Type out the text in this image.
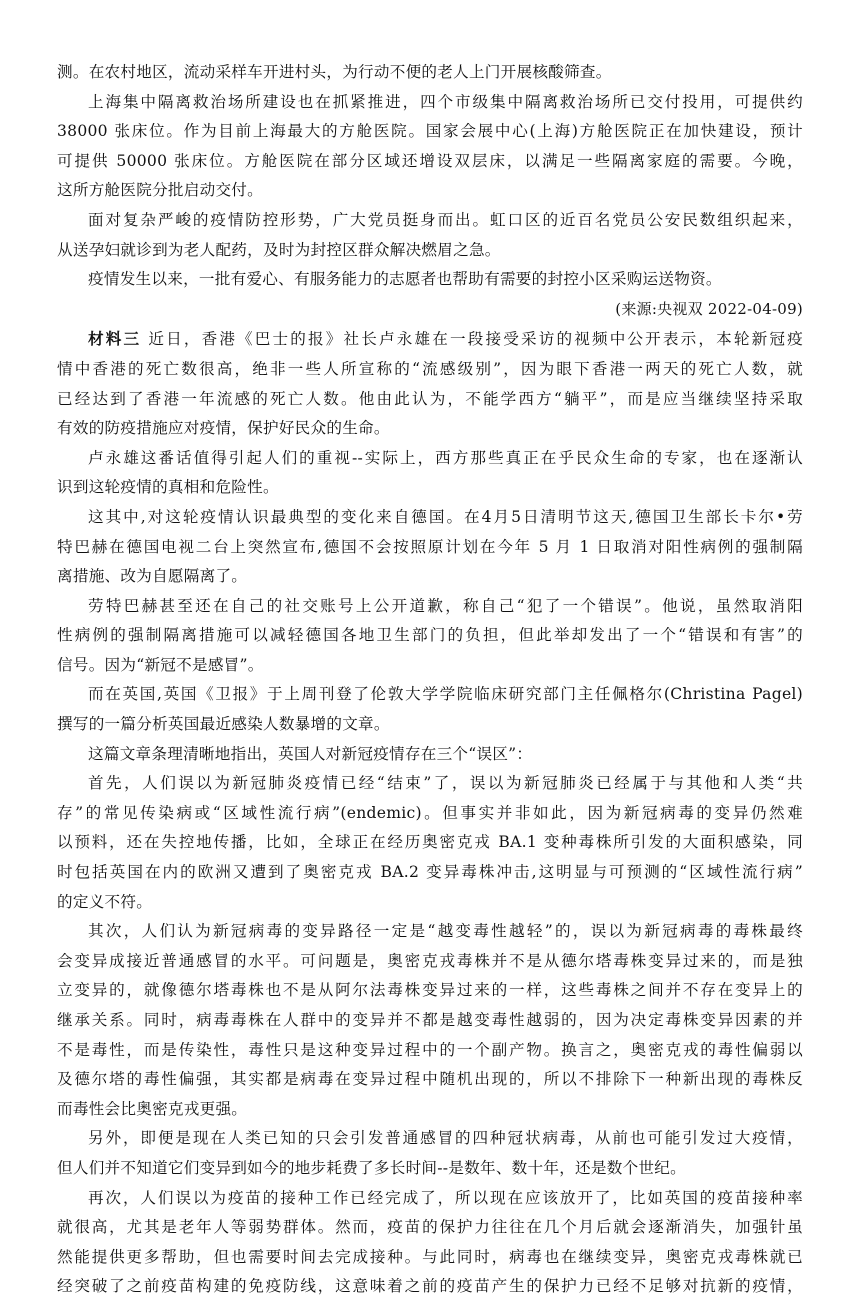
测。在农村地区，流动采样车开进村头，为行动不便的老人上门开展核酸筛查。

上海集中隔离救治场所建设也在抓紧推进，四个市级集中隔离救治场所已交付投用，可提供约

38000 张床位。作为目前上海最大的方舱医院。国家会展中心(上海)方舱医院正在加快建设，预计

可提供 50000 张床位。方舱医院在部分区域还增设双层床，以满足一些隔离家庭的需要。今晚，

这所方舱医院分批启动交付。

面对复杂严峻的疫情防控形势，广大党员挺身而出。虹口区的近百名党员公安民数组织起来，

从送孕妇就诊到为老人配药，及时为封控区群众解决燃眉之急。

疫情发生以来，一批有爱心、有服务能力的志愿者也帮助有需要的封控小区采购运送物资。

(来源:央视双 2022-04-09)

材料三 近日，香港《巴士的报》社长卢永雄在一段接受采访的视频中公开表示，本轮新冠疫

情中香港的死亡数很高，绝非一些人所宣称的“流感级别”，因为眼下香港一两天的死亡人数，就

已经达到了香港一年流感的死亡人数。他由此认为，不能学西方“躺平”，而是应当继续坚持采取

有效的防疫措施应对疫情，保护好民众的生命。

卢永雄这番话值得引起人们的重视--实际上，西方那些真正在乎民众生命的专家，也在逐渐认

识到这轮疫情的真相和危险性。

这其中,对这轮疫情认识最典型的变化来自德国。在4月5日清明节这天,德国卫生部长卡尔•劳

特巴赫在德国电视二台上突然宣布,德国不会按照原计划在今年 5 月 1 日取消对阳性病例的强制隔

离措施、改为自愿隔离了。

劳特巴赫甚至还在自己的社交账号上公开道歉，称自己“犯了一个错误”。他说，虽然取消阳

性病例的强制隔离措施可以减轻德国各地卫生部门的负担，但此举却发出了一个“错误和有害”的

信号。因为“新冠不是感冒”。

而在英国,英国《卫报》于上周刊登了伦敦大学学院临床研究部门主任佩格尔(Christina Pagel)

撰写的一篇分析英国最近感染人数暴增的文章。

这篇文章条理清晰地指出，英国人对新冠疫情存在三个“误区”：

首先，人们误以为新冠肺炎疫情已经“结束”了，误以为新冠肺炎已经属于与其他和人类“共

存”的常见传染病或“区域性流行病”(endemic)。但事实并非如此，因为新冠病毒的变异仍然难

以预料，还在失控地传播，比如，全球正在经历奥密克戎 BA.1 变种毒株所引发的大面积感染，同

时包括英国在内的欧洲又遭到了奥密克戎 BA.2 变异毒株冲击,这明显与可预测的“区域性流行病”

的定义不符。

其次，人们认为新冠病毒的变异路径一定是“越变毒性越轻”的，误以为新冠病毒的毒株最终

会变异成接近普通感冒的水平。可问题是，奥密克戎毒株并不是从德尔塔毒株变异过来的，而是独

立变异的，就像德尔塔毒株也不是从阿尔法毒株变异过来的一样，这些毒株之间并不存在变异上的

继承关系。同时，病毒毒株在人群中的变异并不都是越变毒性越弱的，因为决定毒株变异因素的并

不是毒性，而是传染性，毒性只是这种变异过程中的一个副产物。换言之，奥密克戎的毒性偏弱以

及德尔塔的毒性偏强，其实都是病毒在变异过程中随机出现的，所以不排除下一种新出现的毒株反

而毒性会比奥密克戎更强。

另外，即便是现在人类已知的只会引发普通感冒的四种冠状病毒，从前也可能引发过大疫情，

但人们并不知道它们变异到如今的地步耗费了多长时间--是数年、数十年，还是数个世纪。

再次，人们误以为疫苗的接种工作已经完成了，所以现在应该放开了，比如英国的疫苗接种率

就很高，尤其是老年人等弱势群体。然而，疫苗的保护力往往在几个月后就会逐渐消失，加强针虽

然能提供更多帮助，但也需要时间去完成接种。与此同时，病毒也在继续变异，奥密克戎毒株就已

经突破了之前疫苗构建的免疫防线，这意味着之前的疫苗产生的保护力已经不足够对抗新的疫情，
